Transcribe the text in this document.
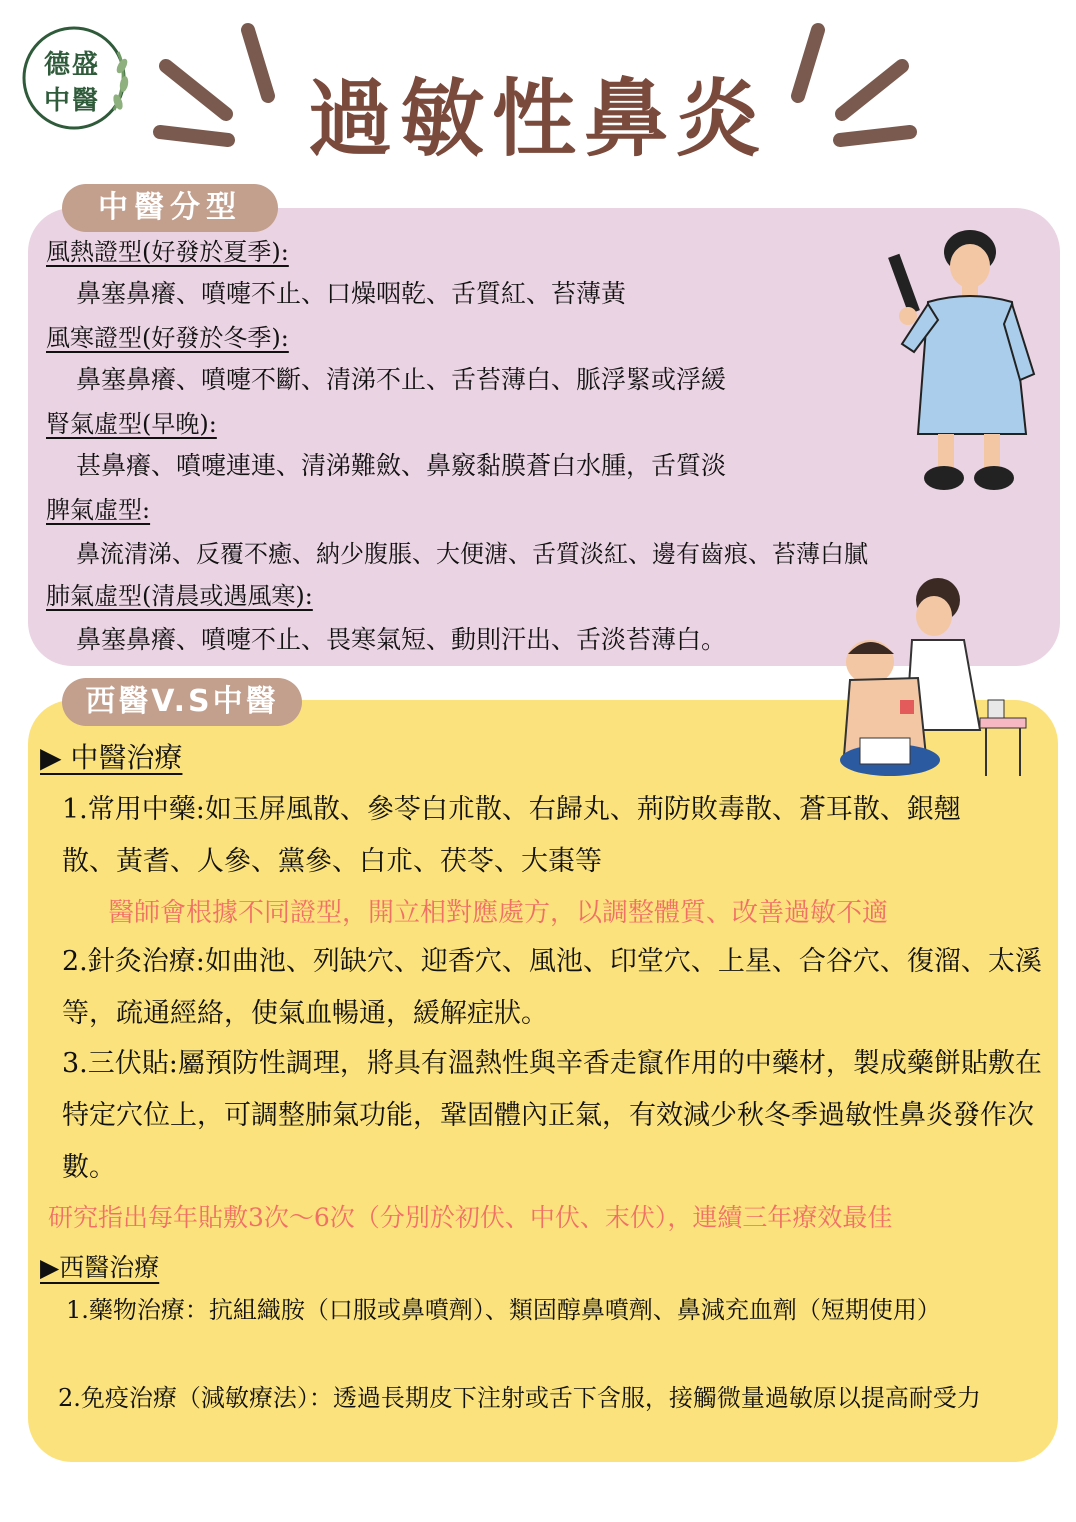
德盛
中醫	過敏性鼻炎
中醫分型
風熱證型(好發於夏季):
鼻塞鼻癢、噴嚏不止、口燥咽乾、舌質紅、苔薄黃
風寒證型(好發於冬季):
鼻塞鼻癢、噴嚏不斷、清涕不止、舌苔薄白、脈浮緊或浮緩
腎氣虛型(早晚):
甚鼻癢、噴嚏連連、清涕難斂、鼻竅黏膜蒼白水腫，舌質淡
脾氣虛型:
鼻流清涕、反覆不癒、納少腹脹、大便溏、舌質淡紅、邊有齒痕、苔薄白膩
肺氣虛型(清晨或遇風寒):
鼻塞鼻癢、噴嚏不止、畏寒氣短、動則汗出、舌淡苔薄白。
西醫V.S中醫
▶ 中醫治療
1.常用中藥:如玉屏風散、參苓白朮散、右歸丸、荊防敗毒散、蒼耳散、銀翹散、黃耆、人參、黨參、白朮、茯苓、大棗等
醫師會根據不同證型，開立相對應處方，以調整體質、改善過敏不適
2.針灸治療:如曲池、列缺穴、迎香穴、風池、印堂穴、上星、合谷穴、復溜、太溪等，疏通經絡，使氣血暢通，緩解症狀。
3.三伏貼:屬預防性調理，將具有溫熱性與辛香走竄作用的中藥材，製成藥餅貼敷在特定穴位上，可調整肺氣功能，鞏固體內正氣，有效減少秋冬季過敏性鼻炎發作次數。
研究指出每年貼敷3次～6次（分別於初伏、中伏、末伏），連續三年療效最佳
▶西醫治療
1.藥物治療：抗組織胺（口服或鼻噴劑）、類固醇鼻噴劑、鼻減充血劑（短期使用）
2.免疫治療（減敏療法）：透過長期皮下注射或舌下含服，接觸微量過敏原以提高耐受力
